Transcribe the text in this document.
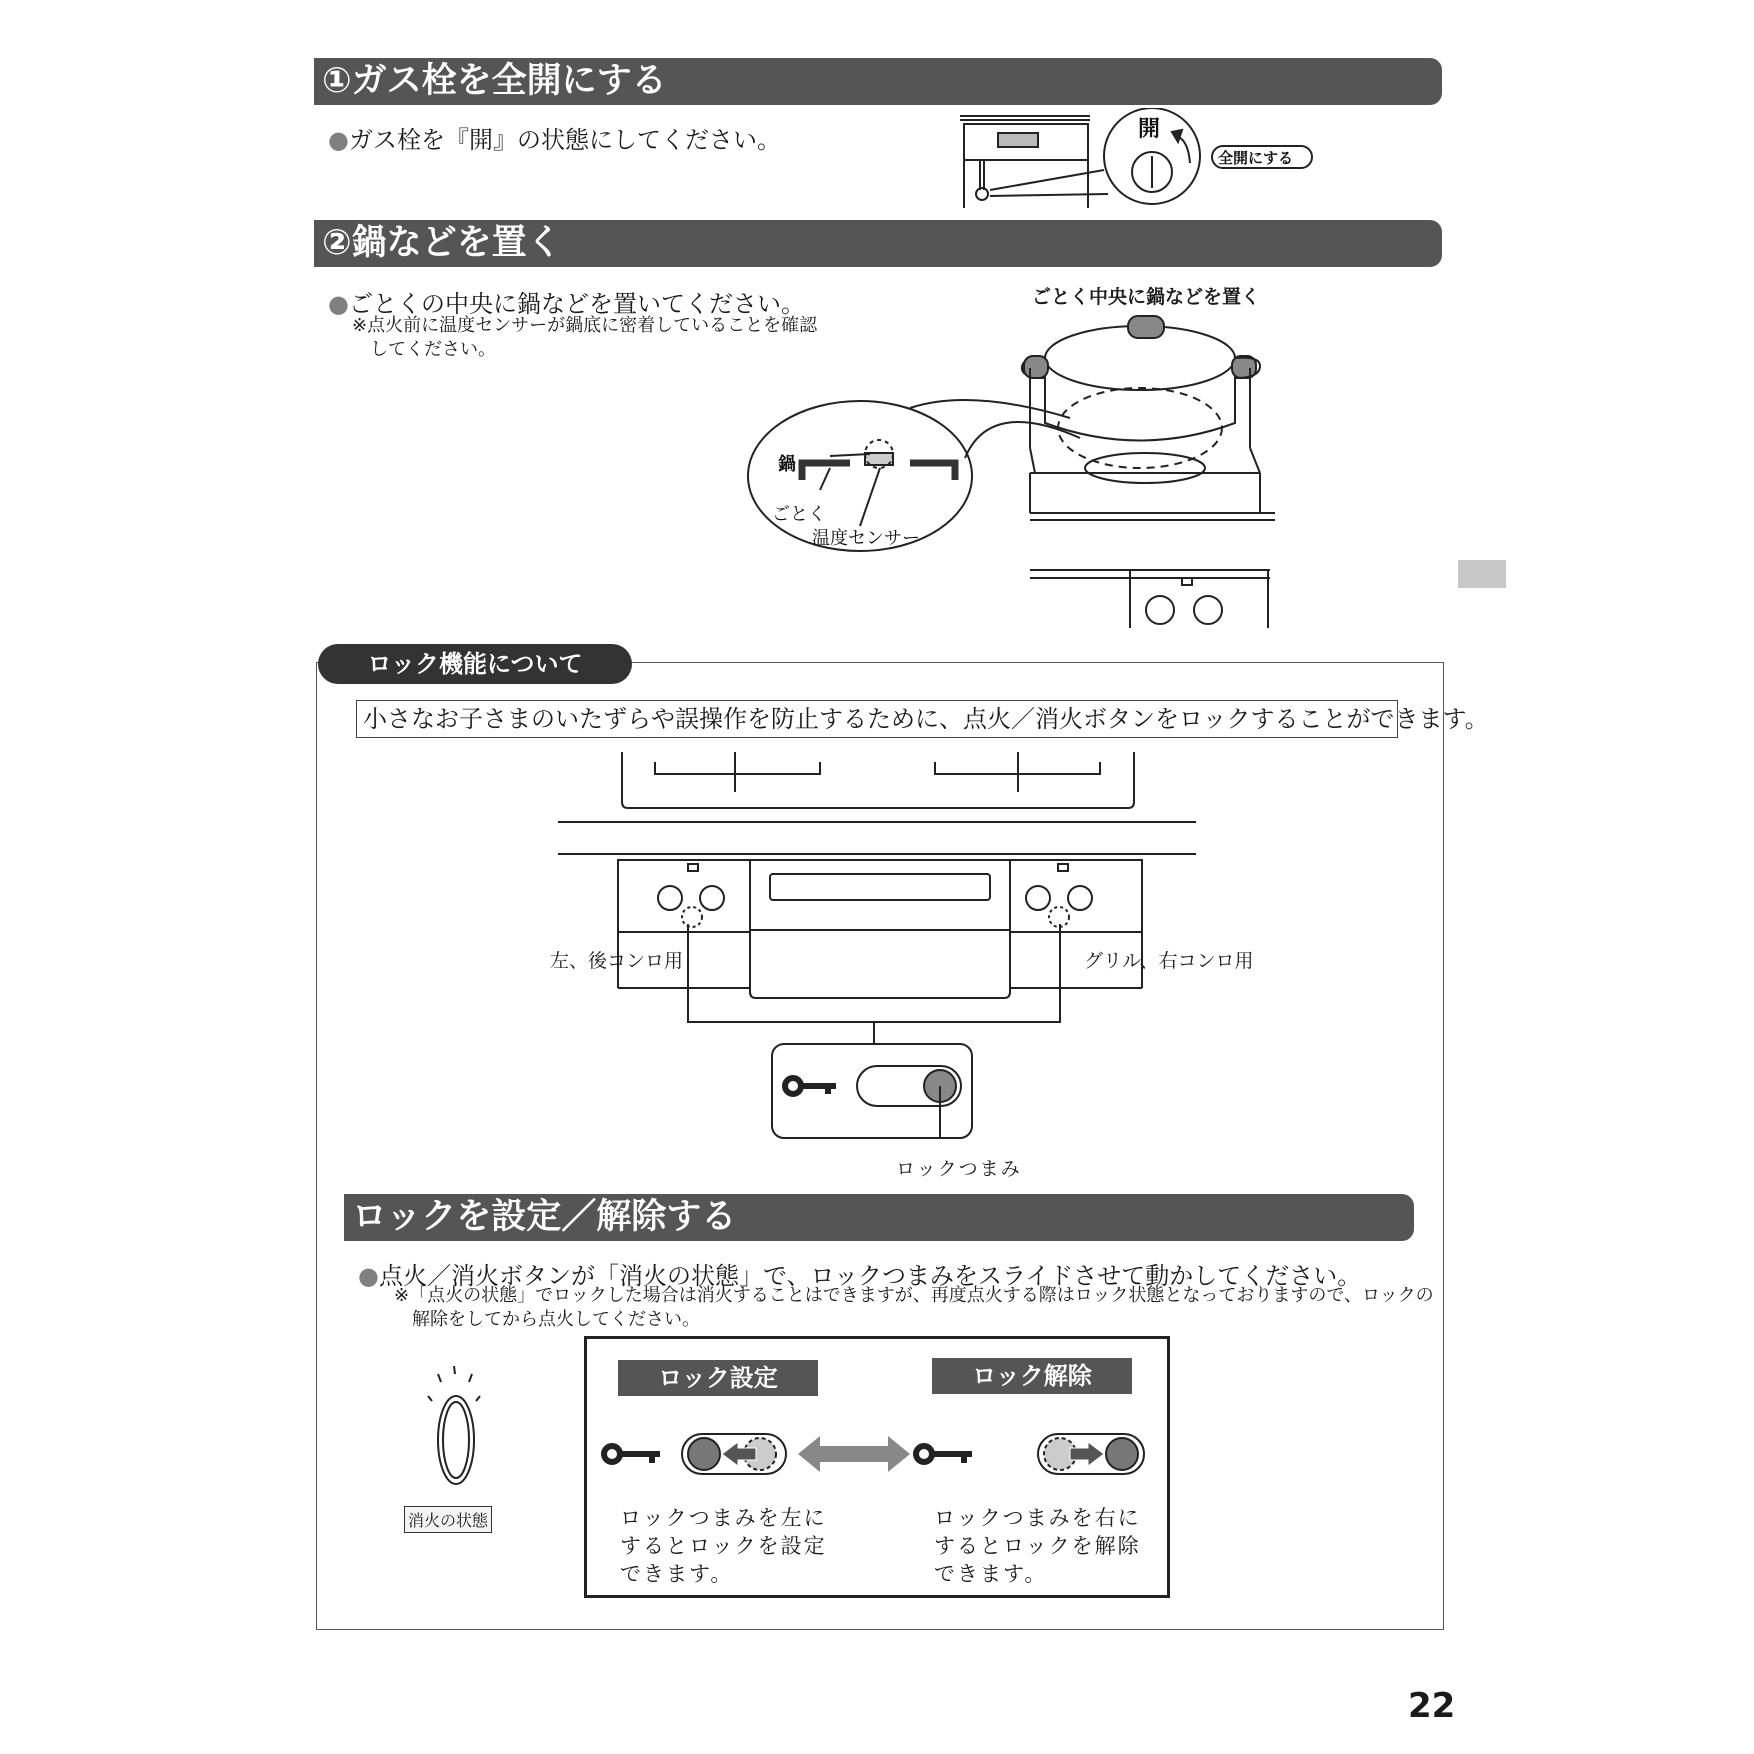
①ガス栓を全開にする
●ガス栓を『開』の状態にしてください。	開
全開にする
②鍋などを置く
●ごとくの中央に鍋などを置いてください。
※点火前に温度センサーが鍋底に密着していることを確認してください。
ごとく中央に鍋などを置く
鍋
ごとく
温度センサー
ロック機能について
小さなお子さまのいたずらや誤操作を防止するために、点火／消火ボタンをロックすることができます。
左、後コンロ用	グリル、右コンロ用
ロックつまみ
ロックを設定／解除する
●点火／消火ボタンが「消火の状態」で、ロックつまみをスライドさせて動かしてください。
※「点火の状態」でロックした場合は消火することはできますが、再度点火する際はロック状態となっておりますので、ロックの解除をしてから点火してください。
消火の状態
ロック設定	ロック解除
ロックつまみを左にするとロックを設定できます。
ロックつまみを右にするとロックを解除できます。
22
